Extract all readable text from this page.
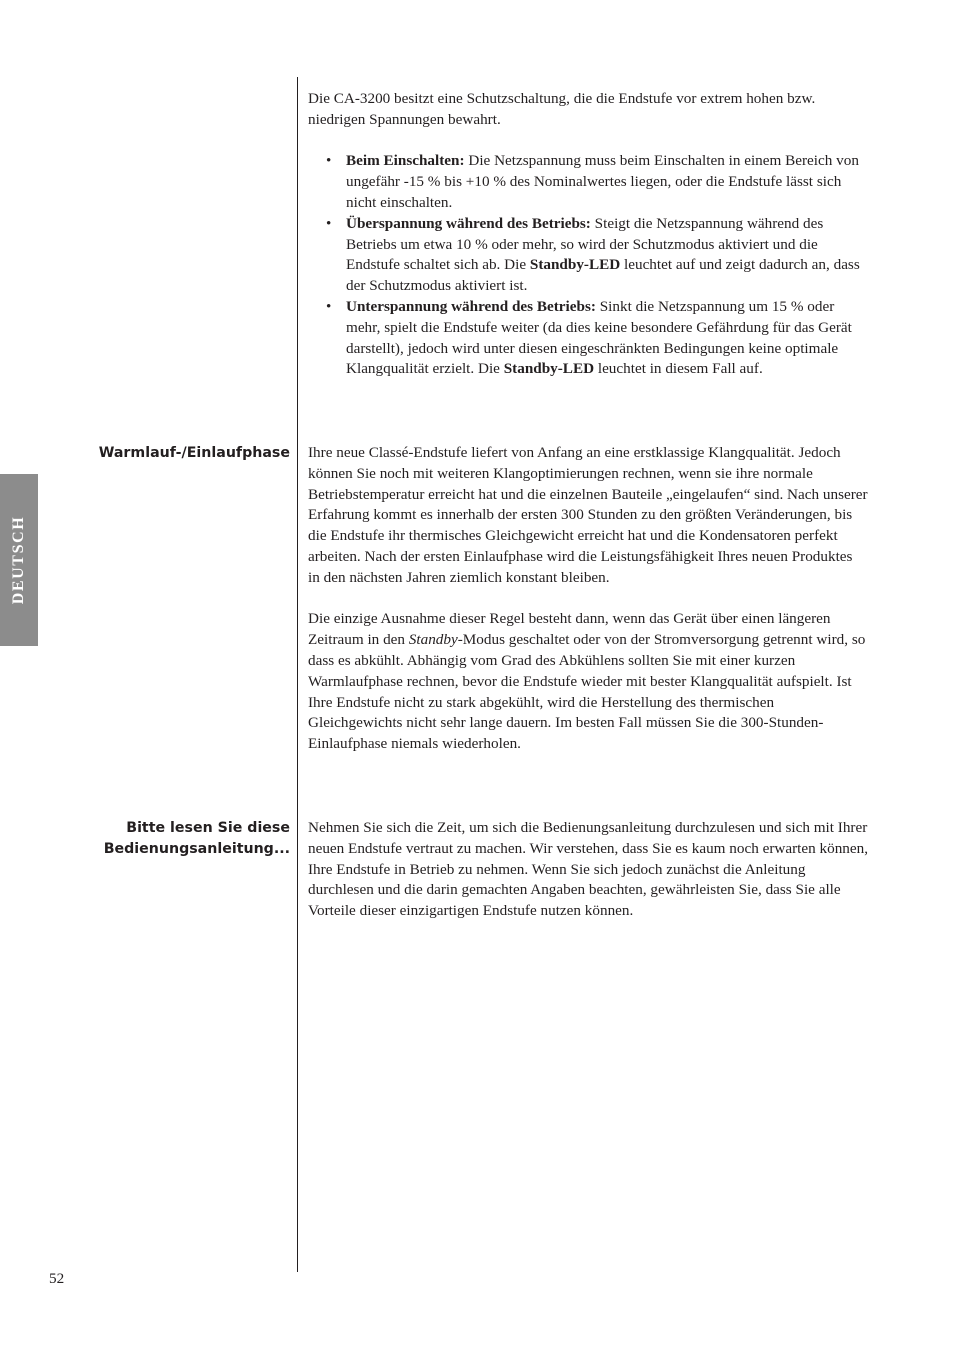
DEUTSCH

Die CA-3200 besitzt eine Schutzschaltung, die die Endstufe vor extrem hohen bzw. niedrigen Spannungen bewahrt.

• Beim Einschalten: Die Netzspannung muss beim Einschalten in einem Bereich von ungefähr -15 % bis +10 % des Nominalwertes liegen, oder die Endstufe lässt sich nicht einschalten.
• Überspannung während des Betriebs: Steigt die Netzspannung während des Betriebs um etwa 10 % oder mehr, so wird der Schutzmodus aktiviert und die Endstufe schaltet sich ab. Die Standby-LED leuchtet auf und zeigt dadurch an, dass der Schutzmodus aktiviert ist.
• Unterspannung während des Betriebs: Sinkt die Netzspannung um 15 % oder mehr, spielt die Endstufe weiter (da dies keine besondere Gefährdung für das Gerät darstellt), jedoch wird unter diesen eingeschränkten Bedingungen keine optimale Klangqualität erzielt. Die Standby-LED leuchtet in diesem Fall auf.
Warmlauf-/Einlaufphase Ihre neue Classé-Endstufe liefert von Anfang an eine erstklassige Klangqualität. Jedoch können Sie noch mit weiteren Klangoptimierungen rechnen, wenn sie ihre normale Betriebstemperatur erreicht hat und die einzelnen Bauteile „eingelaufen“ sind. Nach unserer Erfahrung kommt es innerhalb der ersten 300 Stunden zu den größten Veränderungen, bis die Endstufe ihr thermisches Gleichgewicht erreicht hat und die Kondensatoren perfekt arbeiten. Nach der ersten Einlaufphase wird die Leistungsfähigkeit Ihres neuen Produktes in den nächsten Jahren ziemlich konstant bleiben.

Die einzige Ausnahme dieser Regel besteht dann, wenn das Gerät über einen längeren Zeitraum in den Standby-Modus geschaltet oder von der Stromversorgung getrennt wird, so dass es abkühlt. Abhängig vom Grad des Abkühlens sollten Sie mit einer kurzen Warmlaufphase rechnen, bevor die Endstufe wieder mit bester Klangqualität aufspielt. Ist Ihre Endstufe nicht zu stark abgekühlt, wird die Herstellung des thermischen Gleichgewichts nicht sehr lange dauern. Im besten Fall müssen Sie die 300-Stunden-Einlaufphase niemals wiederholen.

Bitte lesen Sie diese
Bedienungsanleitung...

Nehmen Sie sich die Zeit, um sich die Bedienungsanleitung durchzulesen und sich mit Ihrer neuen Endstufe vertraut zu machen. Wir verstehen, dass Sie es kaum noch erwarten können, Ihre Endstufe in Betrieb zu nehmen. Wenn Sie sich jedoch zunächst die Anleitung durchlesen und die darin gemachten Angaben beachten, gewährleisten Sie, dass Sie alle Vorteile dieser einzigartigen Endstufe nutzen können.

52
